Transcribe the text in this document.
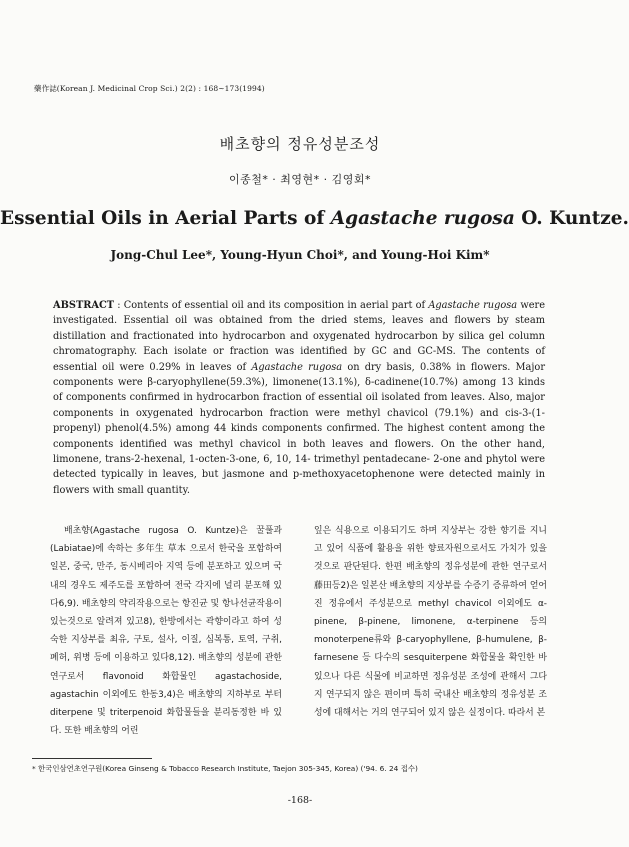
藥作誌(Korean J. Medicinal Crop Sci.) 2(2) : 168~173(1994)
배초향의 정유성분조성
이종철* · 최영현* · 김영회*
Essential Oils in Aerial Parts of Agastache rugosa O. Kuntze.
Jong-Chul Lee*, Young-Hyun Choi*, and Young-Hoi Kim*
ABSTRACT : Contents of essential oil and its composition in aerial part of Agastache rugosa were investigated. Essential oil was obtained from the dried stems, leaves and flowers by steam distillation and fractionated into hydrocarbon and oxygenated hydrocarbon by silica gel column chromatography. Each isolate or fraction was identified by GC and GC-MS. The contents of essential oil were 0.29% in leaves of Agastache rugosa on dry basis, 0.38% in flowers. Major components were β-caryophyllene(59.3%), limonene(13.1%), δ-cadinene(10.7%) among 13 kinds of components confirmed in hydrocarbon fraction of essential oil isolated from leaves. Also, major components in oxygenated hydrocarbon fraction were methyl chavicol (79.1%) and cis-3-(1-propenyl) phenol(4.5%) among 44 kinds components confirmed. The highest content among the components identified was methyl chavicol in both leaves and flowers. On the other hand, limonene, trans-2-hexenal, 1-octen-3-one, 6, 10, 14- trimethyl pentadecane- 2-one and phytol were detected typically in leaves, but jasmone and p-methoxyacetophenone were detected mainly in flowers with small quantity.
배초향(Agastache rugosa O. Kuntze)은 꿀풀과(Labiatae)에 속하는 多年生 草本 으로서 한국을 포함하여 일본, 중국, 만주, 동시베리아 지역 등에 분포하고 있으며 국내의 경우도 제주도를 포함하여 전국 각지에 널리 분포해 있다6,9). 배초향의 약리작용으로는 항진균 및 항나선균작용이 있는것으로 알려져 있고8), 한방에서는 곽향이라고 하여 성숙한 지상부를 최유, 구토, 설사, 이질, 심복통, 토역, 구취, 폐허, 위병 등에 이용하고 있다8,12). 배초향의 성분에 관한 연구로서 flavonoid 화합물인 agastachoside, agastachin 이외에도 한동3,4)은 배초향의 지하부로 부터 diterpene 및 triterpenoid 화합물들을 분리동정한 바 있다. 또한 배초향의 어린
잎은 식용으로 이용되기도 하며 지상부는 강한 향기를 지니고 있어 식품에 활용을 위한 향료자원으로서도 가치가 있을것으로 판단된다. 한편 배초향의 정유성분에 관한 연구로서 藤田등2)은 일본산 배초향의 지상부를 수증기 증류하여 얻어진 정유에서 주성분으로 methyl chavicol 이외에도 α-pinene, β-pinene, limonene, α-terpinene 등의 monoterpene류와 β-caryophyllene, β-humulene, β-farnesene 등 다수의 sesquiterpene 화합물을 확인한 바 있으나 다른 식물에 비교하면 정유성분 조성에 관해서 그다지 연구되지 않은 편이며 특히 국내산 배초향의 정유성분 조성에 대해서는 거의 연구되어 있지 않은 실정이다. 따라서 본
* 한국인삼연초연구원(Korea Ginseng & Tobacco Research Institute, Taejon 305-345, Korea) ('94. 6. 24 접수)
-168-
